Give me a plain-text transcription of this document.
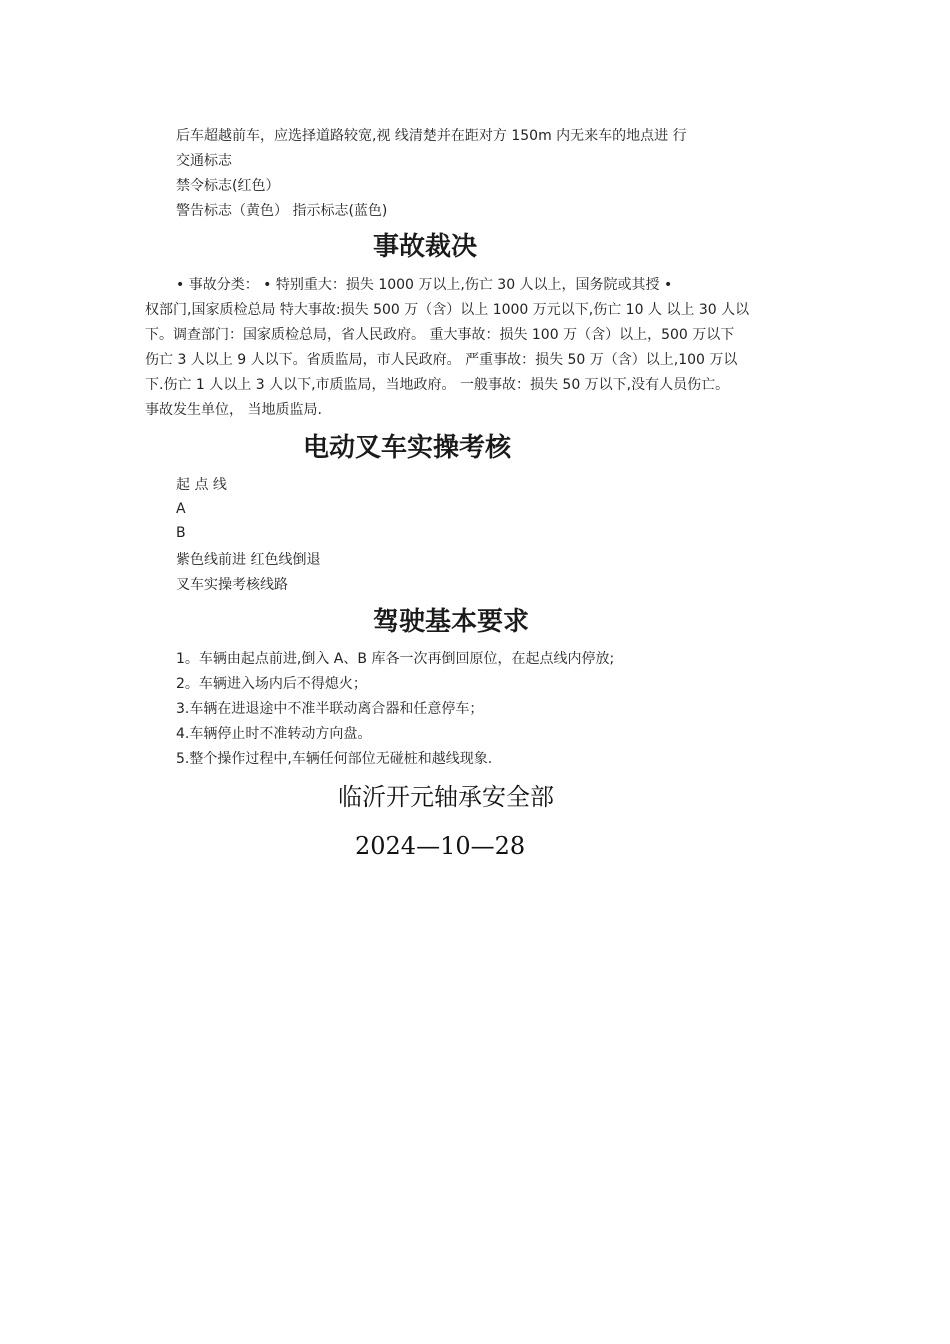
后车超越前车，应选择道路较宽,视 线清楚并在距对方 150m 内无来车的地点进 行
交通标志
禁令标志(红色）
警告标志（黄色） 指示标志(蓝色)
事故裁决
• 事故分类： • 特别重大：损失 1000 万以上,伤亡 30 人以上，国务院或其授 •
权部门,国家质检总局 特大事故:损失 500 万（含）以上 1000 万元以下,伤亡 10 人 以上 30 人以
下。调查部门：国家质检总局，省人民政府。 重大事故：损失 100 万（含）以上，500 万以下
伤亡 3 人以上 9 人以下。省质监局，市人民政府。 严重事故：损失 50 万（含）以上,100 万以
下.伤亡 1 人以上 3 人以下,市质监局，当地政府。 一般事故：损失 50 万以下,没有人员伤亡。
事故发生单位， 当地质监局.
电动叉车实操考核
起 点 线
A
B
紫色线前进 红色线倒退
叉车实操考核线路
驾驶基本要求
1。车辆由起点前进,倒入 A、B 库各一次再倒回原位，在起点线内停放;
2。车辆进入场内后不得熄火；
3.车辆在进退途中不准半联动离合器和任意停车；
4.车辆停止时不准转动方向盘。
5.整个操作过程中,车辆任何部位无碰桩和越线现象.
临沂开元轴承安全部
2024—10—28
